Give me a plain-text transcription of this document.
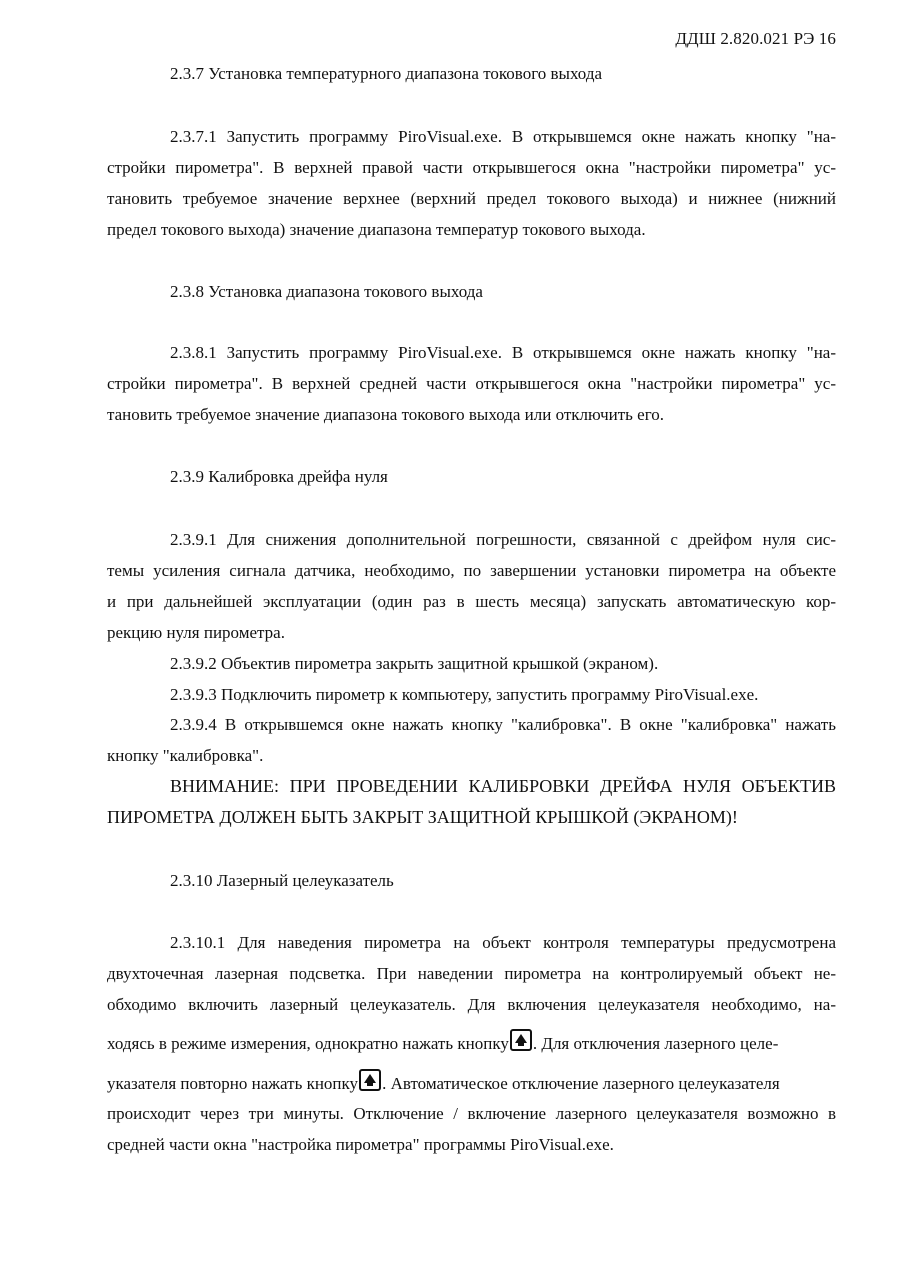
ДДШ 2.820.021 РЭ 16
2.3.7 Установка температурного диапазона токового выхода
2.3.7.1 Запустить программу PiroVisual.exe. В открывшемся окне нажать кнопку "на-
стройки пирометра". В верхней правой части открывшегося окна "настройки пирометра" ус-
тановить требуемое значение верхнее (верхний предел токового выхода) и нижнее (нижний
предел токового выхода) значение диапазона температур токового выхода.
2.3.8 Установка диапазона токового выхода
2.3.8.1 Запустить программу PiroVisual.exe. В открывшемся окне нажать кнопку "на-
стройки пирометра". В верхней средней части открывшегося окна "настройки пирометра" ус-
тановить требуемое значение диапазона токового выхода или отключить его.
2.3.9 Калибровка дрейфа нуля
2.3.9.1 Для снижения дополнительной погрешности, связанной с дрейфом нуля сис-
темы усиления сигнала датчика, необходимо, по завершении установки пирометра на объекте
и при дальнейшей эксплуатации (один раз в шесть месяца) запускать автоматическую кор-
рекцию нуля пирометра.
2.3.9.2 Объектив пирометра закрыть защитной крышкой (экраном).
2.3.9.3 Подключить пирометр к компьютеру, запустить программу PiroVisual.exe.
2.3.9.4 В открывшемся окне нажать кнопку "калибровка". В окне "калибровка" нажать
кнопку "калибровка".
ВНИМАНИЕ: ПРИ ПРОВЕДЕНИИ КАЛИБРОВКИ ДРЕЙФА НУЛЯ ОБЪЕКТИВ
ПИРОМЕТРА ДОЛЖЕН БЫТЬ ЗАКРЫТ ЗАЩИТНОЙ КРЫШКОЙ (ЭКРАНОМ)!
2.3.10 Лазерный целеуказатель
2.3.10.1 Для наведения пирометра на объект контроля температуры предусмотрена
двухточечная лазерная подсветка. При наведении пирометра на контролируемый объект не-
обходимо включить лазерный целеуказатель. Для включения целеуказателя необходимо, на-
ходясь в режиме измерения, однократно нажать кнопку . Для отключения лазерного целе-
указателя повторно нажать кнопку . Автоматическое отключение лазерного целеуказателя
происходит через три минуты. Отключение / включение лазерного целеуказателя возможно в
средней части окна "настройка пирометра" программы PiroVisual.exe.
